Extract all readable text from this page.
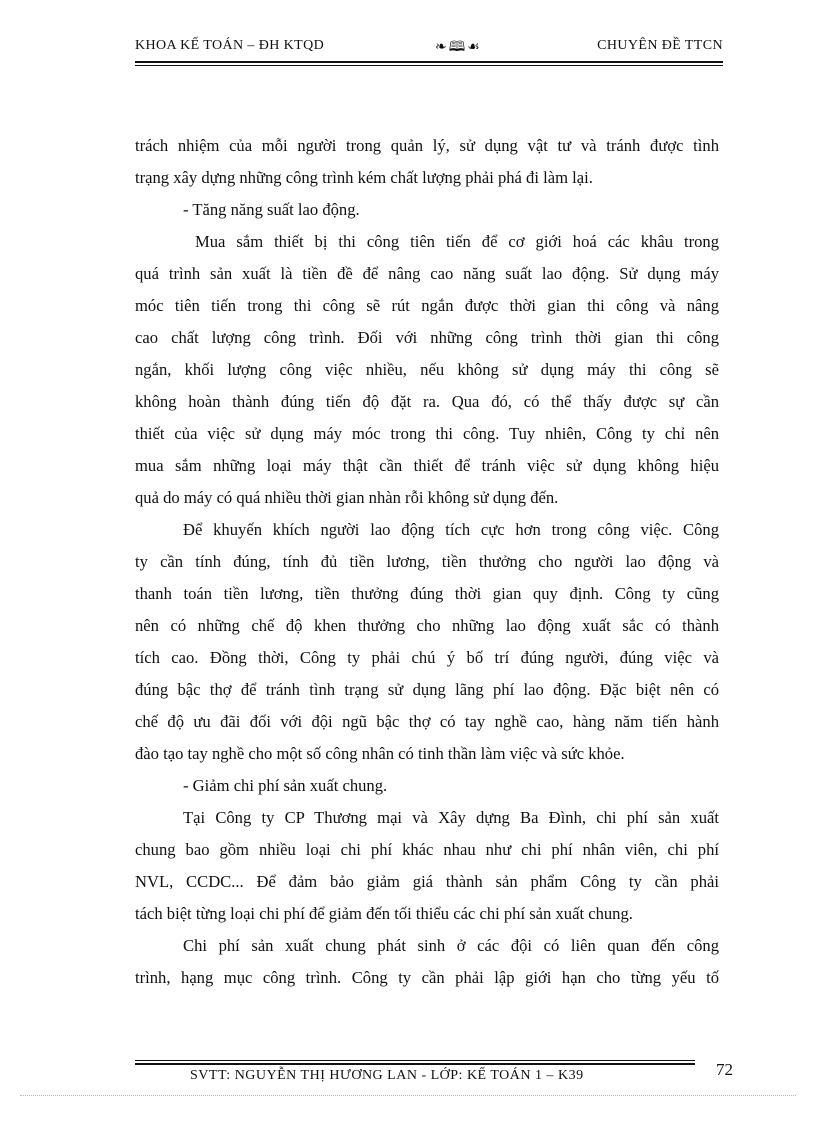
KHOA KẾ TOÁN – ĐH KTQD	❧🕮☙	CHUYÊN ĐỀ TTCN
trách nhiệm của mỗi người trong quản lý, sử dụng vật tư và tránh được tình
trạng xây dựng những công trình kém chất lượng phải phá đi làm lại.
- Tăng năng suất lao động.
Mua sắm thiết bị thi công tiên tiến để cơ giới hoá các khâu trong
quá trình sản xuất là tiền đề để nâng cao năng suất lao động. Sử dụng máy
móc tiên tiến trong thi công sẽ rút ngắn được thời gian thi công và nâng
cao chất lượng công trình. Đối với những công trình thời gian thi công
ngắn, khối lượng công việc nhiều, nếu không sử dụng máy thi công sẽ
không hoàn thành đúng tiến độ đặt ra. Qua đó, có thể thấy được sự cần
thiết của việc sử dụng máy móc trong thi công. Tuy nhiên, Công ty chỉ nên
mua sắm những loại máy thật cần thiết để tránh việc sử dụng không hiệu
quả do máy có quá nhiều thời gian nhàn rỗi không sử dụng đến.
Để khuyến khích người lao động tích cực hơn trong công việc. Công
ty cần tính đúng, tính đủ tiền lương, tiền thưởng cho người lao động và
thanh toán tiền lương, tiền thưởng đúng thời gian quy định. Công ty cũng
nên có những chế độ khen thưởng cho những lao động xuất sắc có thành
tích cao. Đồng thời, Công ty phải chú ý bố trí đúng người, đúng việc và
đúng bậc thợ để tránh tình trạng sử dụng lãng phí lao động. Đặc biệt nên có
chế độ ưu đãi đối với đội ngũ bậc thợ có tay nghề cao, hàng năm tiến hành
đào tạo tay nghề cho một số công nhân có tinh thần làm việc và sức khỏe.
- Giảm chi phí sản xuất chung.
Tại Công ty CP Thương mại và Xây dựng Ba Đình, chi phí sản xuất
chung bao gồm nhiều loại chi phí khác nhau như chi phí nhân viên, chi phí
NVL, CCDC... Để đảm bảo giảm giá thành sản phẩm Công ty cần phải
tách biệt từng loại chi phí để giảm đến tối thiểu các chi phí sản xuất chung.
Chi phí sản xuất chung phát sinh ở các đội có liên quan đến công
trình, hạng mục công trình. Công ty cần phải lập giới hạn cho từng yếu tố
SVTT: NGUYỄN THỊ HƯƠNG LAN - LỚP: KẾ TOÁN 1 – K39	72
